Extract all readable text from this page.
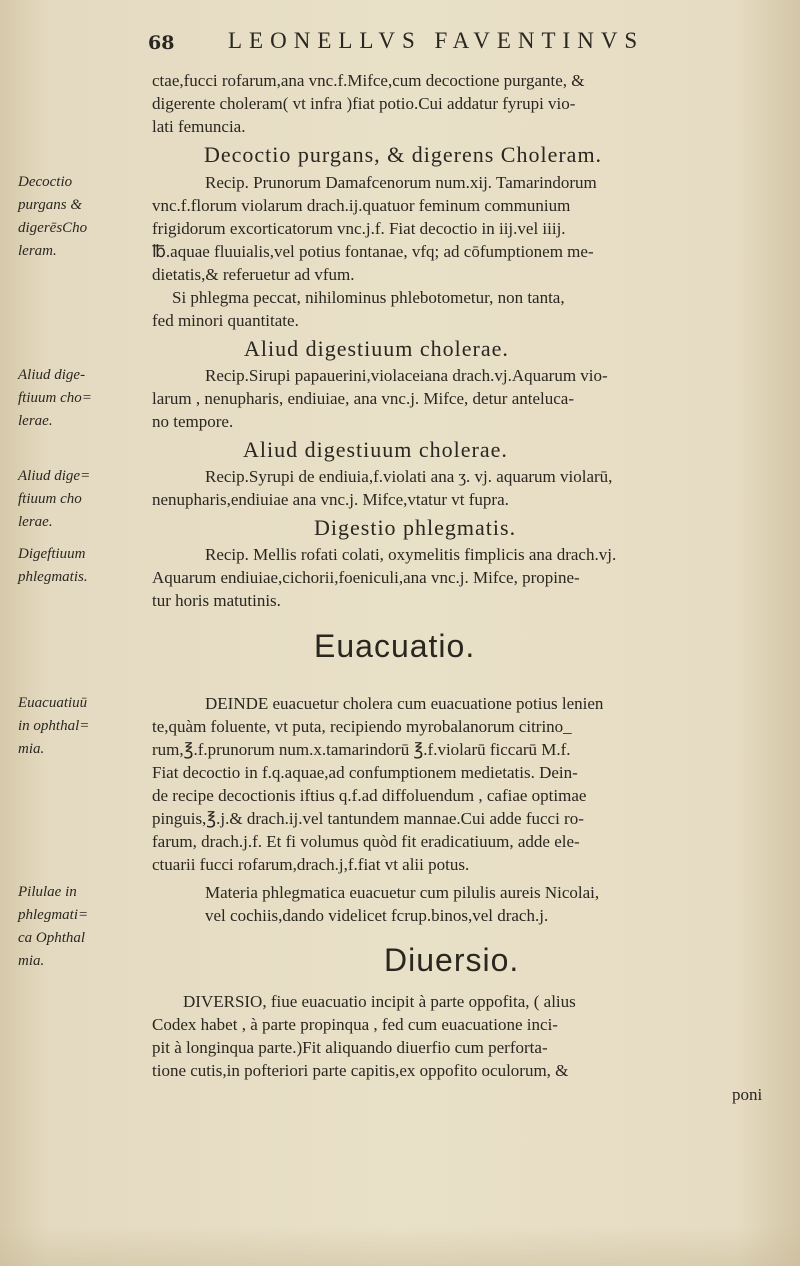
68 LEONELLVS FAVENTINVS
ctae,fucci rofarum,ana vnc.f.Mifce,cum decoctione purgante, &
digerente choleram( vt infra )fiat potio.Cui addatur fyrupi vio-
lati femuncia.
Decoctio purgans, & digerens Choleram.
Recip. Prunorum Damafcenorum num.xij. Tamarindorum
vnc.f.florum violarum drach.ij.quatuor feminum communium
frigidorum excorticatorum vnc.j.f. Fiat decoctio in iij.vel iiij.
℔.aquae fluuialis,vel potius fontanae, vfq; ad cōfumptionem me-
dietatis,& referuetur ad vfum.
Si phlegma peccat, nihilominus phlebotometur, non tanta,
fed minori quantitate.
Aliud digestiuum cholerae.
Recip.Sirupi papauerini,violaceiana drach.vj.Aquarum vio-
larum , nenupharis, endiuiae, ana vnc.j. Mifce, detur anteluca-
no tempore.
Aliud digestiuum cholerae.
Recip.Syrupi de endiuia,f.violati ana ʒ. vj. aquarum violarū,
nenupharis,endiuiae ana vnc.j. Mifce,vtatur vt fupra.
Digestio phlegmatis.
Recip. Mellis rofati colati, oxymelitis fimplicis ana drach.vj.
Aquarum endiuiae,cichorii,foeniculi,ana vnc.j. Mifce, propine-
tur horis matutinis.
Euacuatio.
DEINDE euacuetur cholera cum euacuatione potius lenien
te,quàm foluente, vt puta, recipiendo myrobalanorum citrino_
rum,℥.f.prunorum num.x.tamarindorū ℥.f.violarū ficcarū M.f.
Fiat decoctio in f.q.aquae,ad confumptionem medietatis. Dein-
de recipe decoctionis iftius q.f.ad diffoluendum , cafiae optimae
pinguis,℥.j.& drach.ij.vel tantundem mannae.Cui adde fucci ro-
farum, drach.j.f. Et fi volumus quòd fit eradicatiuum, adde ele-
ctuarii fucci rofarum,drach.j,f.fiat vt alii potus.
Materia phlegmatica euacuetur cum pilulis aureis Nicolai,
vel cochiis,dando videlicet fcrup.binos,vel drach.j.
Diuersio.
DIVERSIO, fiue euacuatio incipit à parte oppofita, ( alius
Codex habet , à parte propinqua , fed cum euacuatione inci-
pit à longinqua parte.)Fit aliquando diuerfio cum perforta-
tione cutis,in pofteriori parte capitis,ex oppofito oculorum, &
poni
Decoctio
purgans &
digerēsCho
leram.
Aliud dige-
ftiuum cho=
lerae.
Aliud dige=
ftiuum cho
lerae.
Digeftiuum
phlegmatis.
Euacuatiuū
in ophthal=
mia.
Pilulae in
phlegmati=
ca Ophthal
mia.
